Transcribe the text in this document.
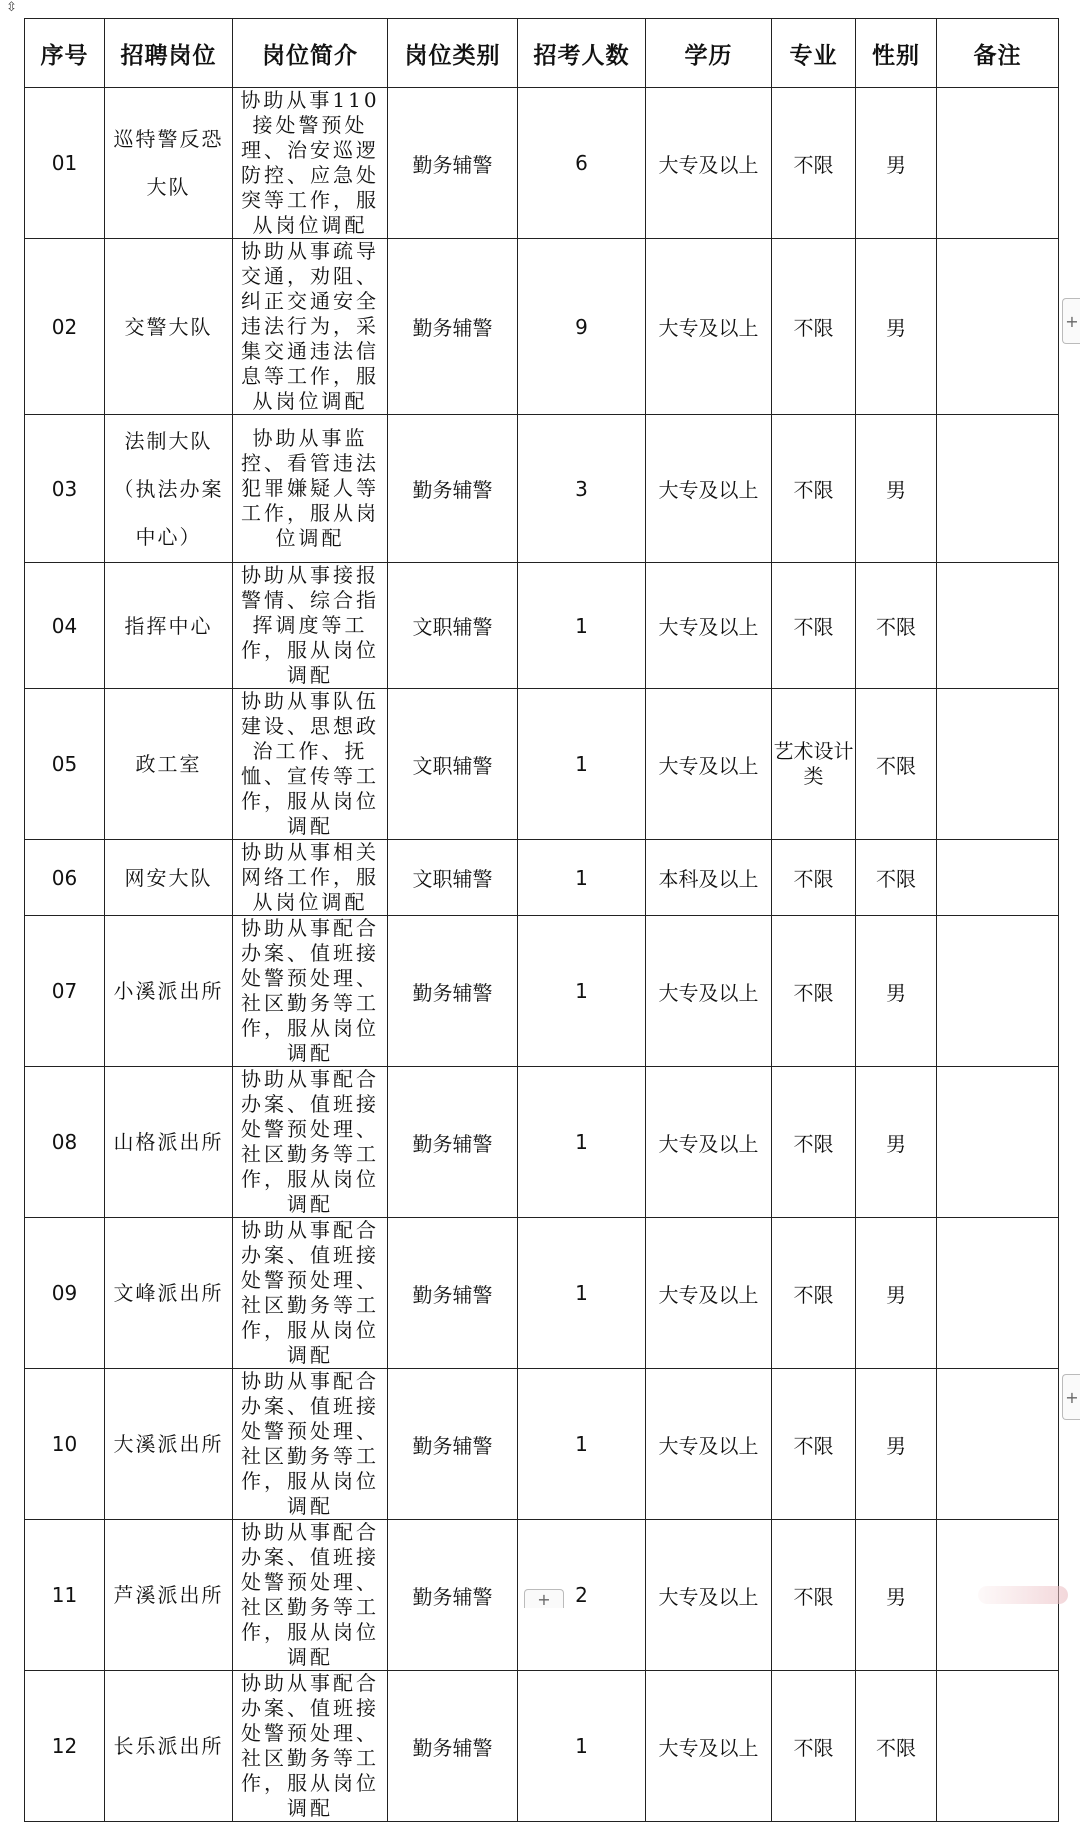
⇳
序号	招聘岗位	岗位简介	岗位类别	招考人数	学历	专业	性别	备注
01	巡特警反恐大队	协助从事110接处警预处理、治安巡逻防控、应急处突等工作，服从岗位调配	勤务辅警	6	大专及以上	不限	男	
02	交警大队	协助从事疏导交通，劝阻、纠正交通安全违法行为，采集交通违法信息等工作，服从岗位调配	勤务辅警	9	大专及以上	不限	男	
03	法制大队（执法办案中心）	协助从事监控、看管违法犯罪嫌疑人等工作，服从岗位调配	勤务辅警	3	大专及以上	不限	男	
04	指挥中心	协助从事接报警情、综合指挥调度等工作，服从岗位调配	文职辅警	1	大专及以上	不限	不限	
05	政工室	协助从事队伍建设、思想政治工作、抚恤、宣传等工作，服从岗位调配	文职辅警	1	大专及以上	艺术设计类	不限	
06	网安大队	协助从事相关网络工作，服从岗位调配	文职辅警	1	本科及以上	不限	不限	
07	小溪派出所	协助从事配合办案、值班接处警预处理、社区勤务等工作，服从岗位调配	勤务辅警	1	大专及以上	不限	男	
08	山格派出所	协助从事配合办案、值班接处警预处理、社区勤务等工作，服从岗位调配	勤务辅警	1	大专及以上	不限	男	
09	文峰派出所	协助从事配合办案、值班接处警预处理、社区勤务等工作，服从岗位调配	勤务辅警	1	大专及以上	不限	男	
10	大溪派出所	协助从事配合办案、值班接处警预处理、社区勤务等工作，服从岗位调配	勤务辅警	1	大专及以上	不限	男	
11	芦溪派出所	协助从事配合办案、值班接处警预处理、社区勤务等工作，服从岗位调配	勤务辅警	2	大专及以上	不限	男	
12	长乐派出所	协助从事配合办案、值班接处警预处理、社区勤务等工作，服从岗位调配	勤务辅警	1	大专及以上	不限	不限	
+
+
+
